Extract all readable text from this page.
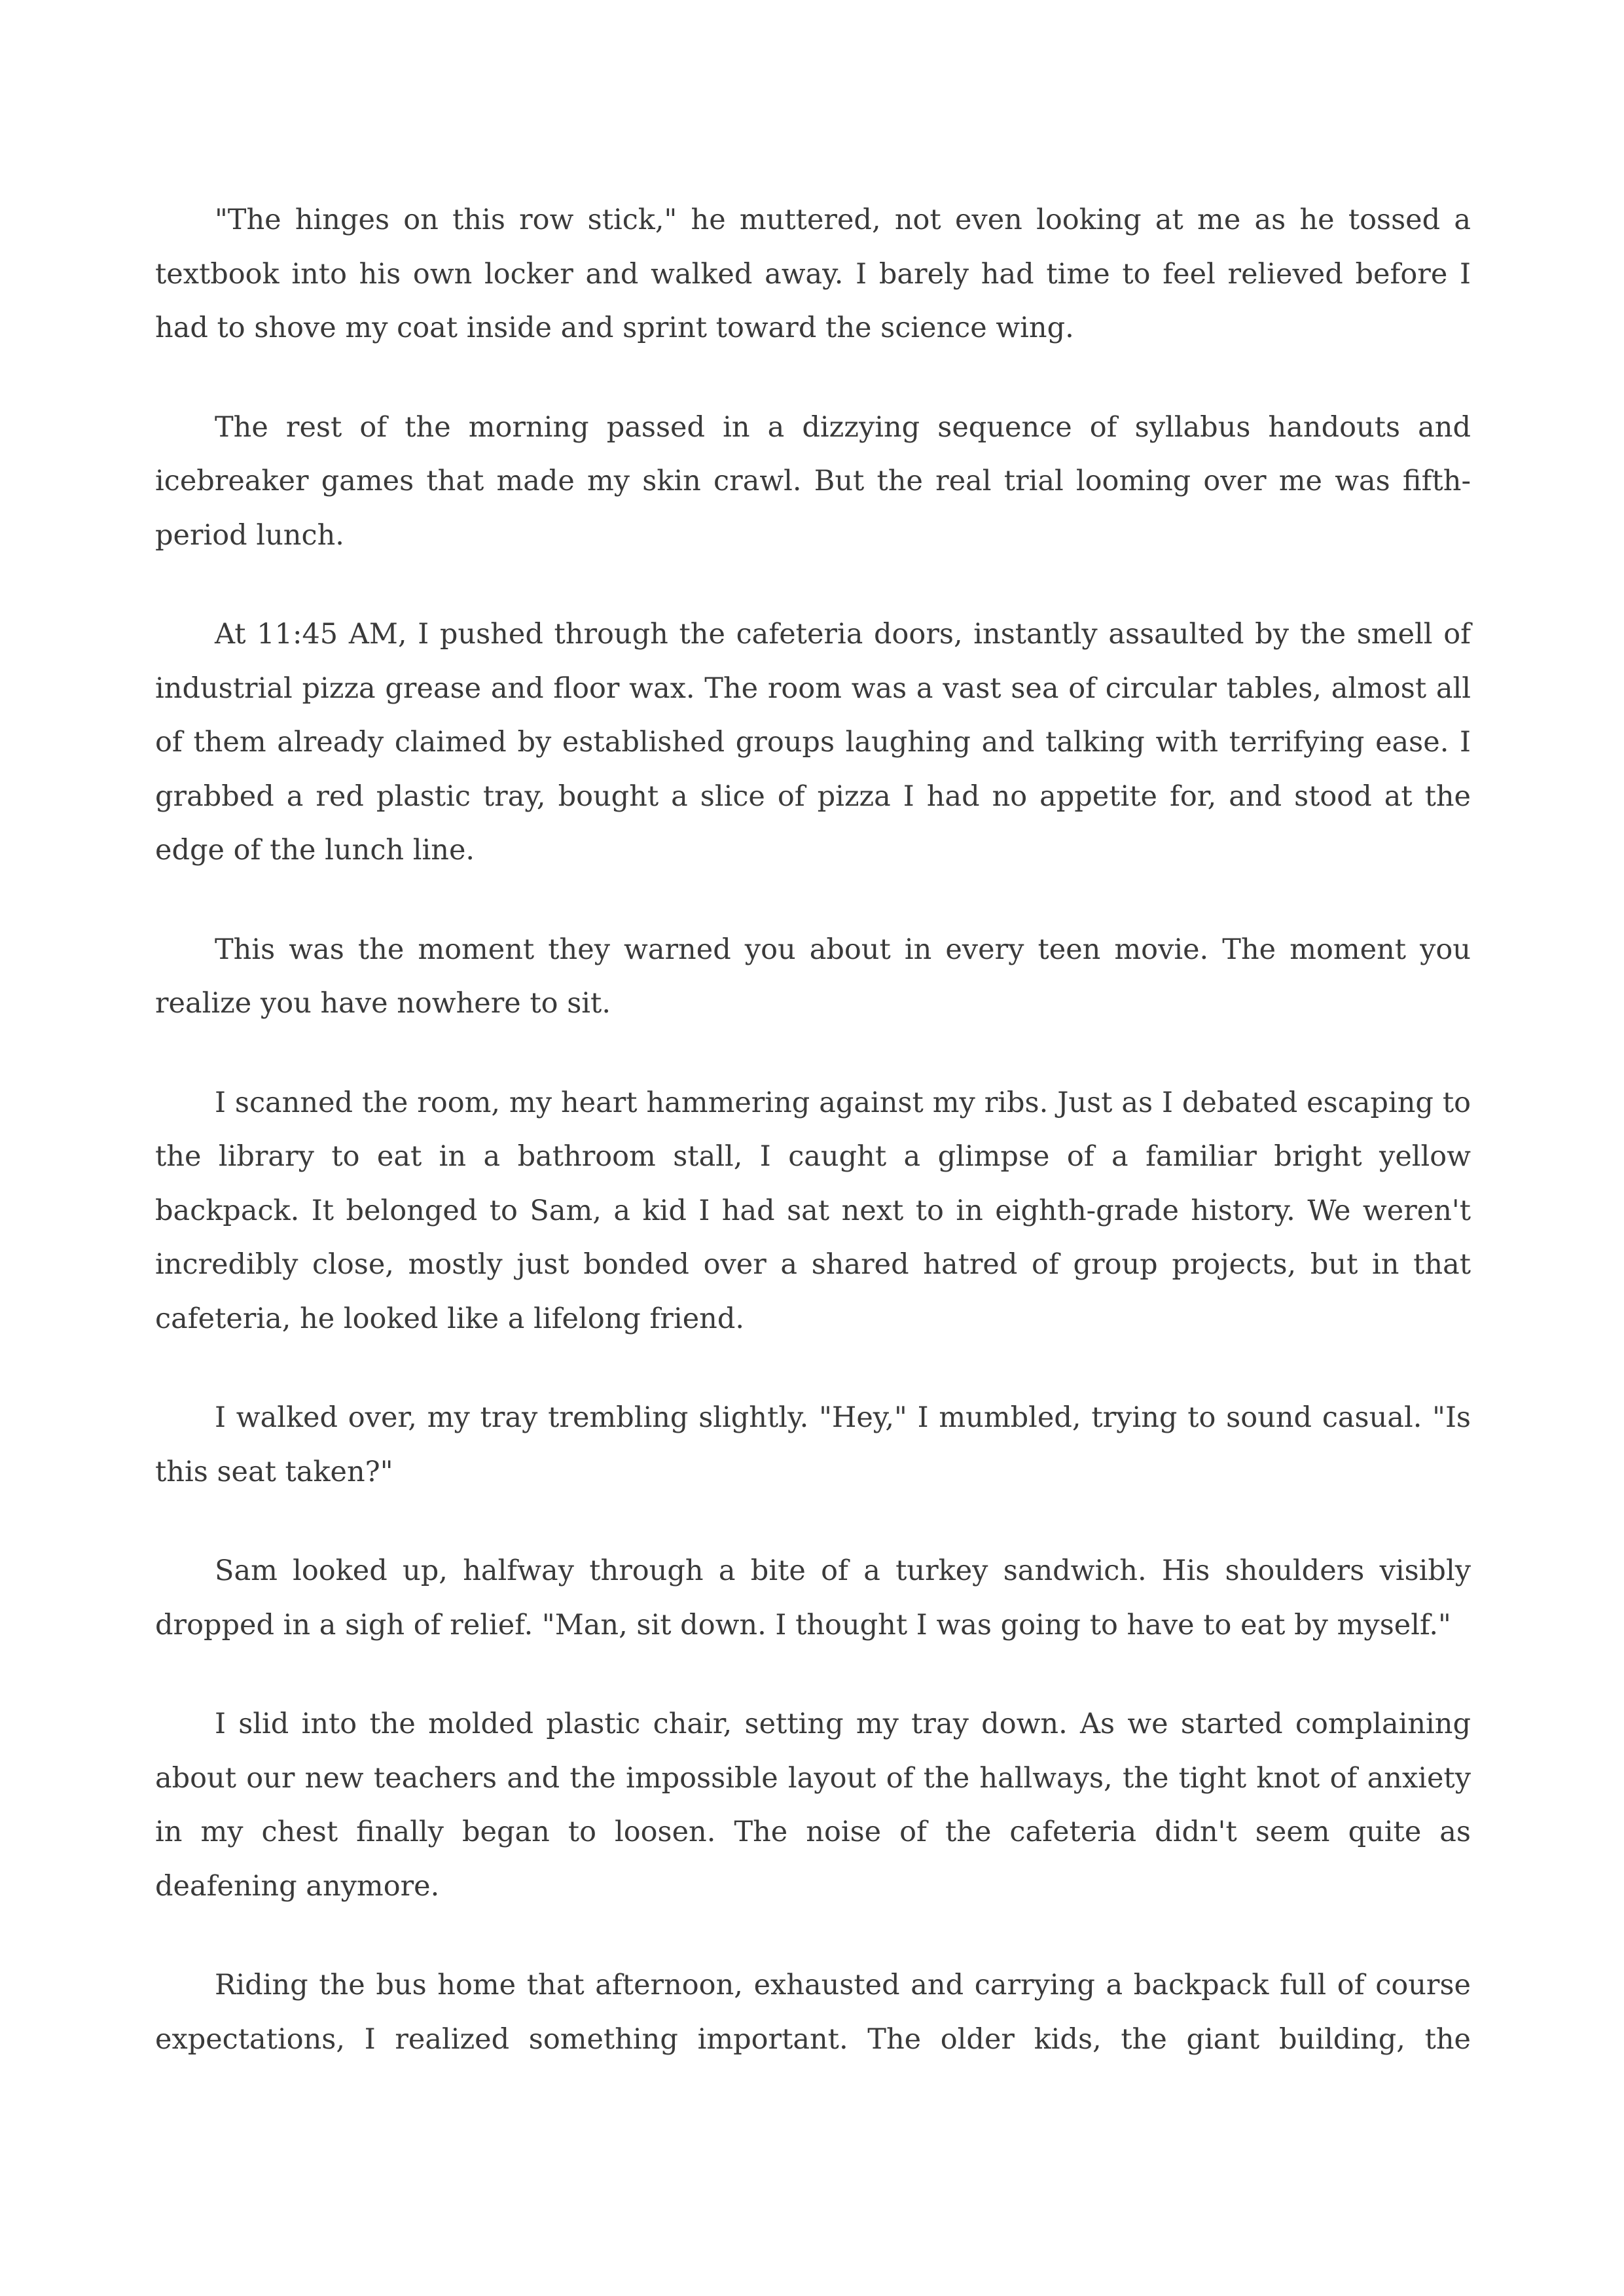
"The hinges on this row stick," he muttered, not even looking at me as he tossed a textbook into his own locker and walked away. I barely had time to feel relieved before I had to shove my coat inside and sprint toward the science wing.

The rest of the morning passed in a dizzying sequence of syllabus handouts and icebreaker games that made my skin crawl. But the real trial looming over me was fifth-period lunch.

At 11:45 AM, I pushed through the cafeteria doors, instantly assaulted by the smell of industrial pizza grease and floor wax. The room was a vast sea of circular tables, almost all of them already claimed by established groups laughing and talking with terrifying ease. I grabbed a red plastic tray, bought a slice of pizza I had no appetite for, and stood at the edge of the lunch line.

This was the moment they warned you about in every teen movie. The moment you realize you have nowhere to sit.

I scanned the room, my heart hammering against my ribs. Just as I debated escaping to the library to eat in a bathroom stall, I caught a glimpse of a familiar bright yellow backpack. It belonged to Sam, a kid I had sat next to in eighth-grade history. We weren't incredibly close, mostly just bonded over a shared hatred of group projects, but in that cafeteria, he looked like a lifelong friend.

I walked over, my tray trembling slightly. "Hey," I mumbled, trying to sound casual. "Is this seat taken?"

Sam looked up, halfway through a bite of a turkey sandwich. His shoulders visibly dropped in a sigh of relief. "Man, sit down. I thought I was going to have to eat by myself."

I slid into the molded plastic chair, setting my tray down. As we started complaining about our new teachers and the impossible layout of the hallways, the tight knot of anxiety in my chest finally began to loosen. The noise of the cafeteria didn't seem quite as deafening anymore.

Riding the bus home that afternoon, exhausted and carrying a backpack full of course expectations, I realized something important. The older kids, the giant building, the
